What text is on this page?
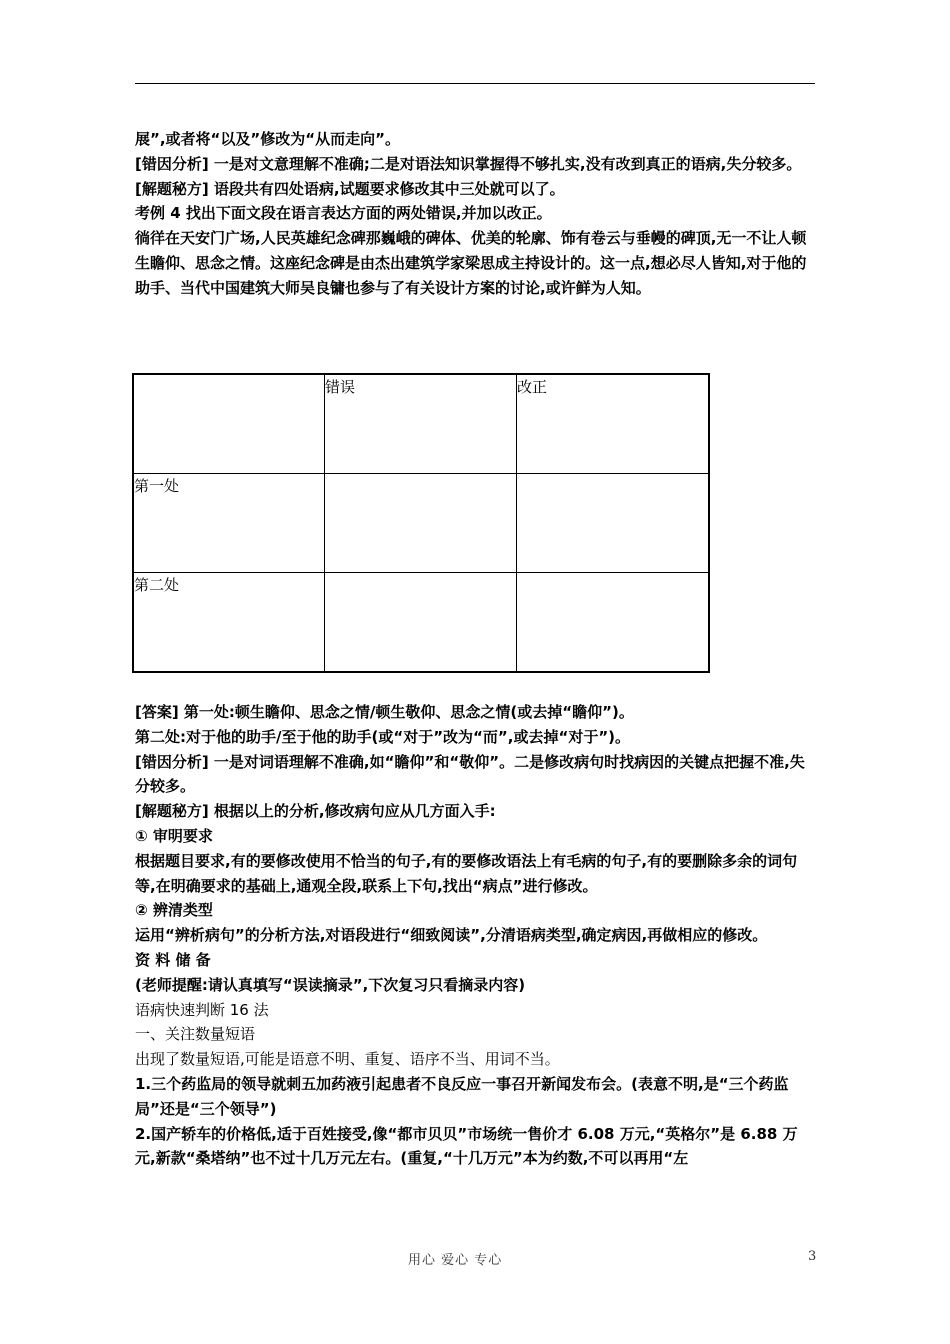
展”,或者将“以及”修改为“从而走向”。

[错因分析] 一是对文意理解不准确;二是对语法知识掌握得不够扎实,没有改到真正的语病,失分较多。

[解题秘方] 语段共有四处语病,试题要求修改其中三处就可以了。

考例 4 找出下面文段在语言表达方面的两处错误,并加以改正。

徜徉在天安门广场,人民英雄纪念碑那巍峨的碑体、优美的轮廓、饰有卷云与垂幔的碑顶,无一不让人顿生瞻仰、思念之情。这座纪念碑是由杰出建筑学家梁思成主持设计的。这一点,想必尽人皆知,对于他的助手、当代中国建筑大师吴良镛也参与了有关设计方案的讨论,或许鲜为人知。

	错误	改正
第一处		
第二处		

[答案] 第一处:顿生瞻仰、思念之情/顿生敬仰、思念之情(或去掉“瞻仰”)。

第二处:对于他的助手/至于他的助手(或“对于”改为“而”,或去掉“对于”)。

[错因分析] 一是对词语理解不准确,如“瞻仰”和“敬仰”。二是修改病句时找病因的关键点把握不准,失分较多。

[解题秘方] 根据以上的分析,修改病句应从几方面入手:

① 审明要求

根据题目要求,有的要修改使用不恰当的句子,有的要修改语法上有毛病的句子,有的要删除多余的词句等,在明确要求的基础上,通观全段,联系上下句,找出“病点”进行修改。

② 辨清类型

运用“辨析病句”的分析方法,对语段进行“细致阅读”,分清语病类型,确定病因,再做相应的修改。

资 料 储 备

(老师提醒:请认真填写“误读摘录”,下次复习只看摘录内容)

语病快速判断 16 法

一、关注数量短语

出现了数量短语,可能是语意不明、重复、语序不当、用词不当。

1.三个药监局的领导就刺五加药液引起患者不良反应一事召开新闻发布会。(表意不明,是“三个药监局”还是“三个领导”)

2.国产轿车的价格低,适于百姓接受,像“都市贝贝”市场统一售价才 6.08 万元,“英格尔”是 6.88 万元,新款“桑塔纳”也不过十几万元左右。(重复,“十几万元”本为约数,不可以再用“左

用心 爱心 专心	3
